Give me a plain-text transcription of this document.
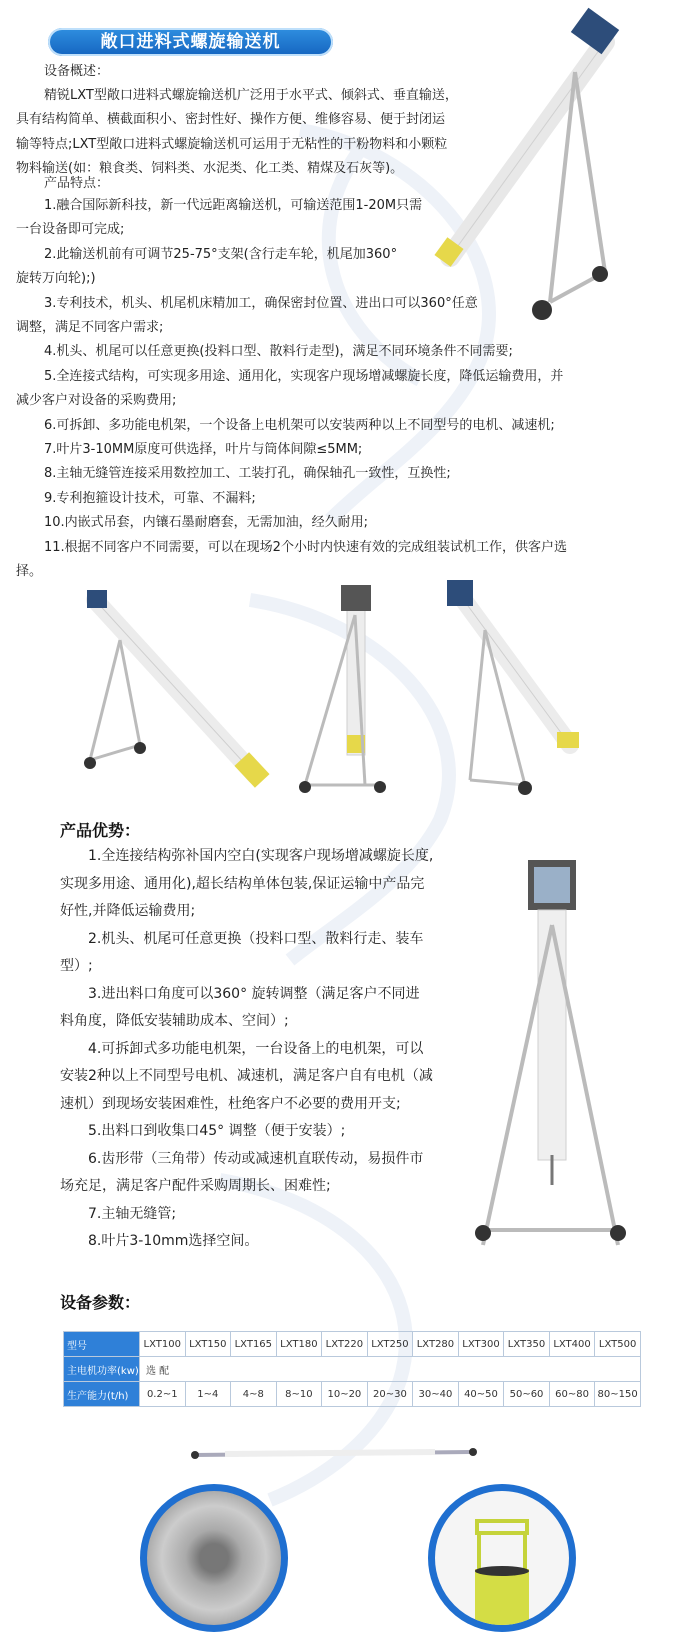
敞口进料式螺旋输送机
设备概述：
精锐LXT型敞口进料式螺旋输送机广泛用于水平式、倾斜式、垂直输送，
具有结构简单、横截面积小、密封性好、操作方便、维修容易、便于封闭运
输等特点;LXT型敞口进料式螺旋输送机可运用于无粘性的干粉物料和小颗粒
物料输送(如：粮食类、饲料类、水泥类、化工类、精煤及石灰等)。
产品特点：
1.融合国际新科技，新一代远距离输送机，可输送范围1-20M只需
一台设备即可完成;
2.此输送机前有可调节25-75°支架(含行走车轮，机尾加360°
旋转万向轮);)
3.专利技术，机头、机尾机床精加工，确保密封位置、进出口可以360°任意
调整，满足不同客户需求;
4.机头、机尾可以任意更换(投料口型、散料行走型)，满足不同环境条件不同需要;
5.全连接式结构，可实现多用途、通用化，实现客户现场增减螺旋长度，降低运输费用，并
减少客户对设备的采购费用;
6.可拆卸、多功能电机架，一个设备上电机架可以安装两种以上不同型号的电机、减速机;
7.叶片3-10MM原度可供选择，叶片与筒体间隙≤5MM;
8.主轴无缝管连接采用数控加工、工装打孔，确保轴孔一致性，互换性;
9.专利抱箍设计技术，可靠、不漏料;
10.内嵌式吊套，内镶石墨耐磨套，无需加油，经久耐用;
11.根据不同客户不同需要，可以在现场2个小时内快速有效的完成组装试机工作，供客户选
择。
产品优势：
1.全连接结构弥补国内空白(实现客户现场增减螺旋长度,
实现多用途、通用化),超长结构单体包装,保证运输中产品完
好性,并降低运输费用;
2.机头、机尾可任意更换（投料口型、散料行走、装车
型）;
3.进出料口角度可以360° 旋转调整（满足客户不同进
料角度，降低安装辅助成本、空间）;
4.可拆卸式多功能电机架，一台设备上的电机架，可以
安装2种以上不同型号电机、减速机，满足客户自有电机（减
速机）到现场安装困难性，杜绝客户不必要的费用开支;
5.出料口到收集口45° 调整（便于安装）;
6.齿形带（三角带）传动或减速机直联传动，易损件市
场充足，满足客户配件采购周期长、困难性;
7.主轴无缝管;
8.叶片3-10mm选择空间。
设备参数：
型号	LXT100	LXT150	LXT165	LXT180	LXT220	LXT250	LXT280	LXT300	LXT350	LXT400	LXT500
主电机功率(kw)	选 配										
生产能力(t/h)	0.2~1	1~4	4~8	8~10	10~20	20~30	30~40	40~50	50~60	60~80	80~150
